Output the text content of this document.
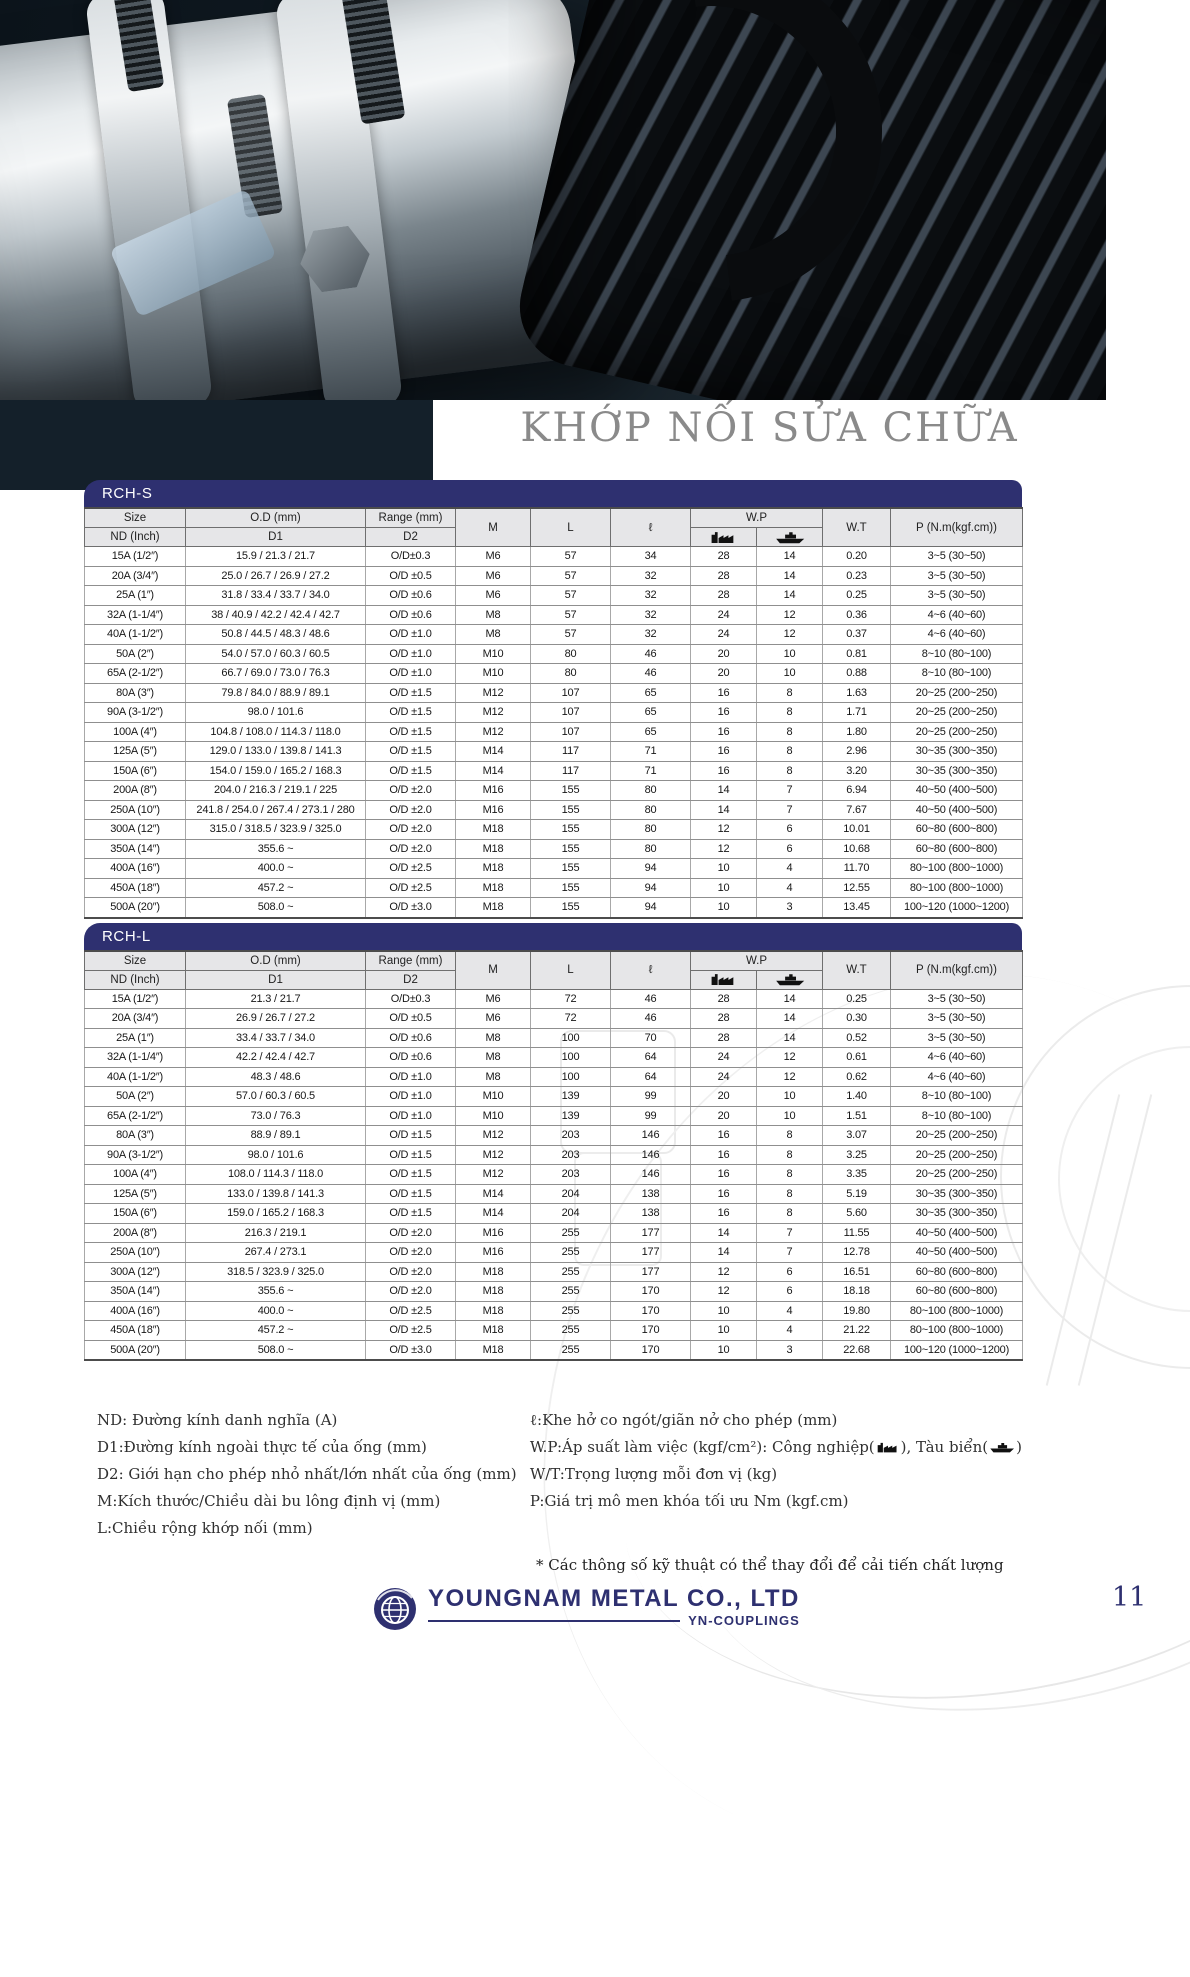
KHỚP NỐI SỬA CHỮA
RCH-S
Size	O.D (mm)	Range (mm)	M	L	ℓ	W.P		W.T	P (N.m(kgf.cm))
ND (Inch)	D1	D2	

15A (1/2″)	15.9 / 21.3 / 21.7	O/D±0.3	M6	57	34	28	14	0.20	3~5 (30~50)
20A (3/4″)	25.0 / 26.7 / 26.9 / 27.2	O/D ±0.5	M6	57	32	28	14	0.23	3~5 (30~50)
25A (1″)	31.8 / 33.4 / 33.7 / 34.0	O/D ±0.6	M6	57	32	28	14	0.25	3~5 (30~50)
32A (1-1/4″)	38 / 40.9 / 42.2 / 42.4 / 42.7	O/D ±0.6	M8	57	32	24	12	0.36	4~6 (40~60)
40A (1-1/2″)	50.8 / 44.5 / 48.3 / 48.6	O/D ±1.0	M8	57	32	24	12	0.37	4~6 (40~60)
50A (2″)	54.0 / 57.0 / 60.3 / 60.5	O/D ±1.0	M10	80	46	20	10	0.81	8~10 (80~100)
65A (2-1/2″)	66.7 / 69.0 / 73.0 / 76.3	O/D ±1.0	M10	80	46	20	10	0.88	8~10 (80~100)
80A (3″)	79.8 / 84.0 / 88.9 / 89.1	O/D ±1.5	M12	107	65	16	8	1.63	20~25 (200~250)
90A (3-1/2″)	98.0 / 101.6	O/D ±1.5	M12	107	65	16	8	1.71	20~25 (200~250)
100A (4″)	104.8 / 108.0 / 114.3 / 118.0	O/D ±1.5	M12	107	65	16	8	1.80	20~25 (200~250)
125A (5″)	129.0 / 133.0 / 139.8 / 141.3	O/D ±1.5	M14	117	71	16	8	2.96	30~35 (300~350)
150A (6″)	154.0 / 159.0 / 165.2 / 168.3	O/D ±1.5	M14	117	71	16	8	3.20	30~35 (300~350)
200A (8″)	204.0 / 216.3 / 219.1 / 225	O/D ±2.0	M16	155	80	14	7	6.94	40~50 (400~500)
250A (10″)	241.8 / 254.0 / 267.4 / 273.1 / 280	O/D ±2.0	M16	155	80	14	7	7.67	40~50 (400~500)
300A (12″)	315.0 / 318.5 / 323.9 / 325.0	O/D ±2.0	M18	155	80	12	6	10.01	60~80 (600~800)
350A (14″)	355.6 ~	O/D ±2.0	M18	155	80	12	6	10.68	60~80 (600~800)
400A (16″)	400.0 ~	O/D ±2.5	M18	155	94	10	4	11.70	80~100 (800~1000)
450A (18″)	457.2 ~	O/D ±2.5	M18	155	94	10	4	12.55	80~100 (800~1000)
500A (20″)	508.0 ~	O/D ±3.0	M18	155	94	10	3	13.45	100~120 (1000~1200)
RCH-L
Size	O.D (mm)	Range (mm)	M	L	ℓ	W.P		W.T	P (N.m(kgf.cm))
ND (Inch)	D1	D2	

15A (1/2″)	21.3 / 21.7	O/D±0.3	M6	72	46	28	14	0.25	3~5 (30~50)
20A (3/4″)	26.9 / 26.7 / 27.2	O/D ±0.5	M6	72	46	28	14	0.30	3~5 (30~50)
25A (1″)	33.4 / 33.7 / 34.0	O/D ±0.6	M8	100	70	28	14	0.52	3~5 (30~50)
32A (1-1/4″)	42.2 / 42.4 / 42.7	O/D ±0.6	M8	100	64	24	12	0.61	4~6 (40~60)
40A (1-1/2″)	48.3 / 48.6	O/D ±1.0	M8	100	64	24	12	0.62	4~6 (40~60)
50A (2″)	57.0 / 60.3 / 60.5	O/D ±1.0	M10	139	99	20	10	1.40	8~10 (80~100)
65A (2-1/2″)	73.0 / 76.3	O/D ±1.0	M10	139	99	20	10	1.51	8~10 (80~100)
80A (3″)	88.9 / 89.1	O/D ±1.5	M12	203	146	16	8	3.07	20~25 (200~250)
90A (3-1/2″)	98.0 / 101.6	O/D ±1.5	M12	203	146	16	8	3.25	20~25 (200~250)
100A (4″)	108.0 / 114.3 / 118.0	O/D ±1.5	M12	203	146	16	8	3.35	20~25 (200~250)
125A (5″)	133.0 / 139.8 / 141.3	O/D ±1.5	M14	204	138	16	8	5.19	30~35 (300~350)
150A (6″)	159.0 / 165.2 / 168.3	O/D ±1.5	M14	204	138	16	8	5.60	30~35 (300~350)
200A (8″)	216.3 / 219.1	O/D ±2.0	M16	255	177	14	7	11.55	40~50 (400~500)
250A (10″)	267.4 / 273.1	O/D ±2.0	M16	255	177	14	7	12.78	40~50 (400~500)
300A (12″)	318.5 / 323.9 / 325.0	O/D ±2.0	M18	255	177	12	6	16.51	60~80 (600~800)
350A (14″)	355.6 ~	O/D ±2.0	M18	255	170	12	6	18.18	60~80 (600~800)
400A (16″)	400.0 ~	O/D ±2.5	M18	255	170	10	4	19.80	80~100 (800~1000)
450A (18″)	457.2 ~	O/D ±2.5	M18	255	170	10	4	21.22	80~100 (800~1000)
500A (20″)	508.0 ~	O/D ±3.0	M18	255	170	10	3	22.68	100~120 (1000~1200)
ND: Đường kính danh nghĩa (A)
D1:Đường kính ngoài thực tế của ống (mm)
D2: Giới hạn cho phép nhỏ nhất/lớn nhất của ống (mm)
M:Kích thước/Chiều dài bu lông định vị (mm)
L:Chiều rộng khớp nối (mm)
ℓ:Khe hở co ngót/giãn nở cho phép (mm)
W.P:Áp suất làm việc (kgf/cm²): Công nghiệp( ), Tàu biển( )
W/T:Trọng lượng mỗi đơn vị (kg)
P:Giá trị mô men khóa tối ưu Nm (kgf.cm)
* Các thông số kỹ thuật có thể thay đổi để cải tiến chất lượng
YOUNGNAM METAL CO., LTD
YN-COUPLINGS
11
